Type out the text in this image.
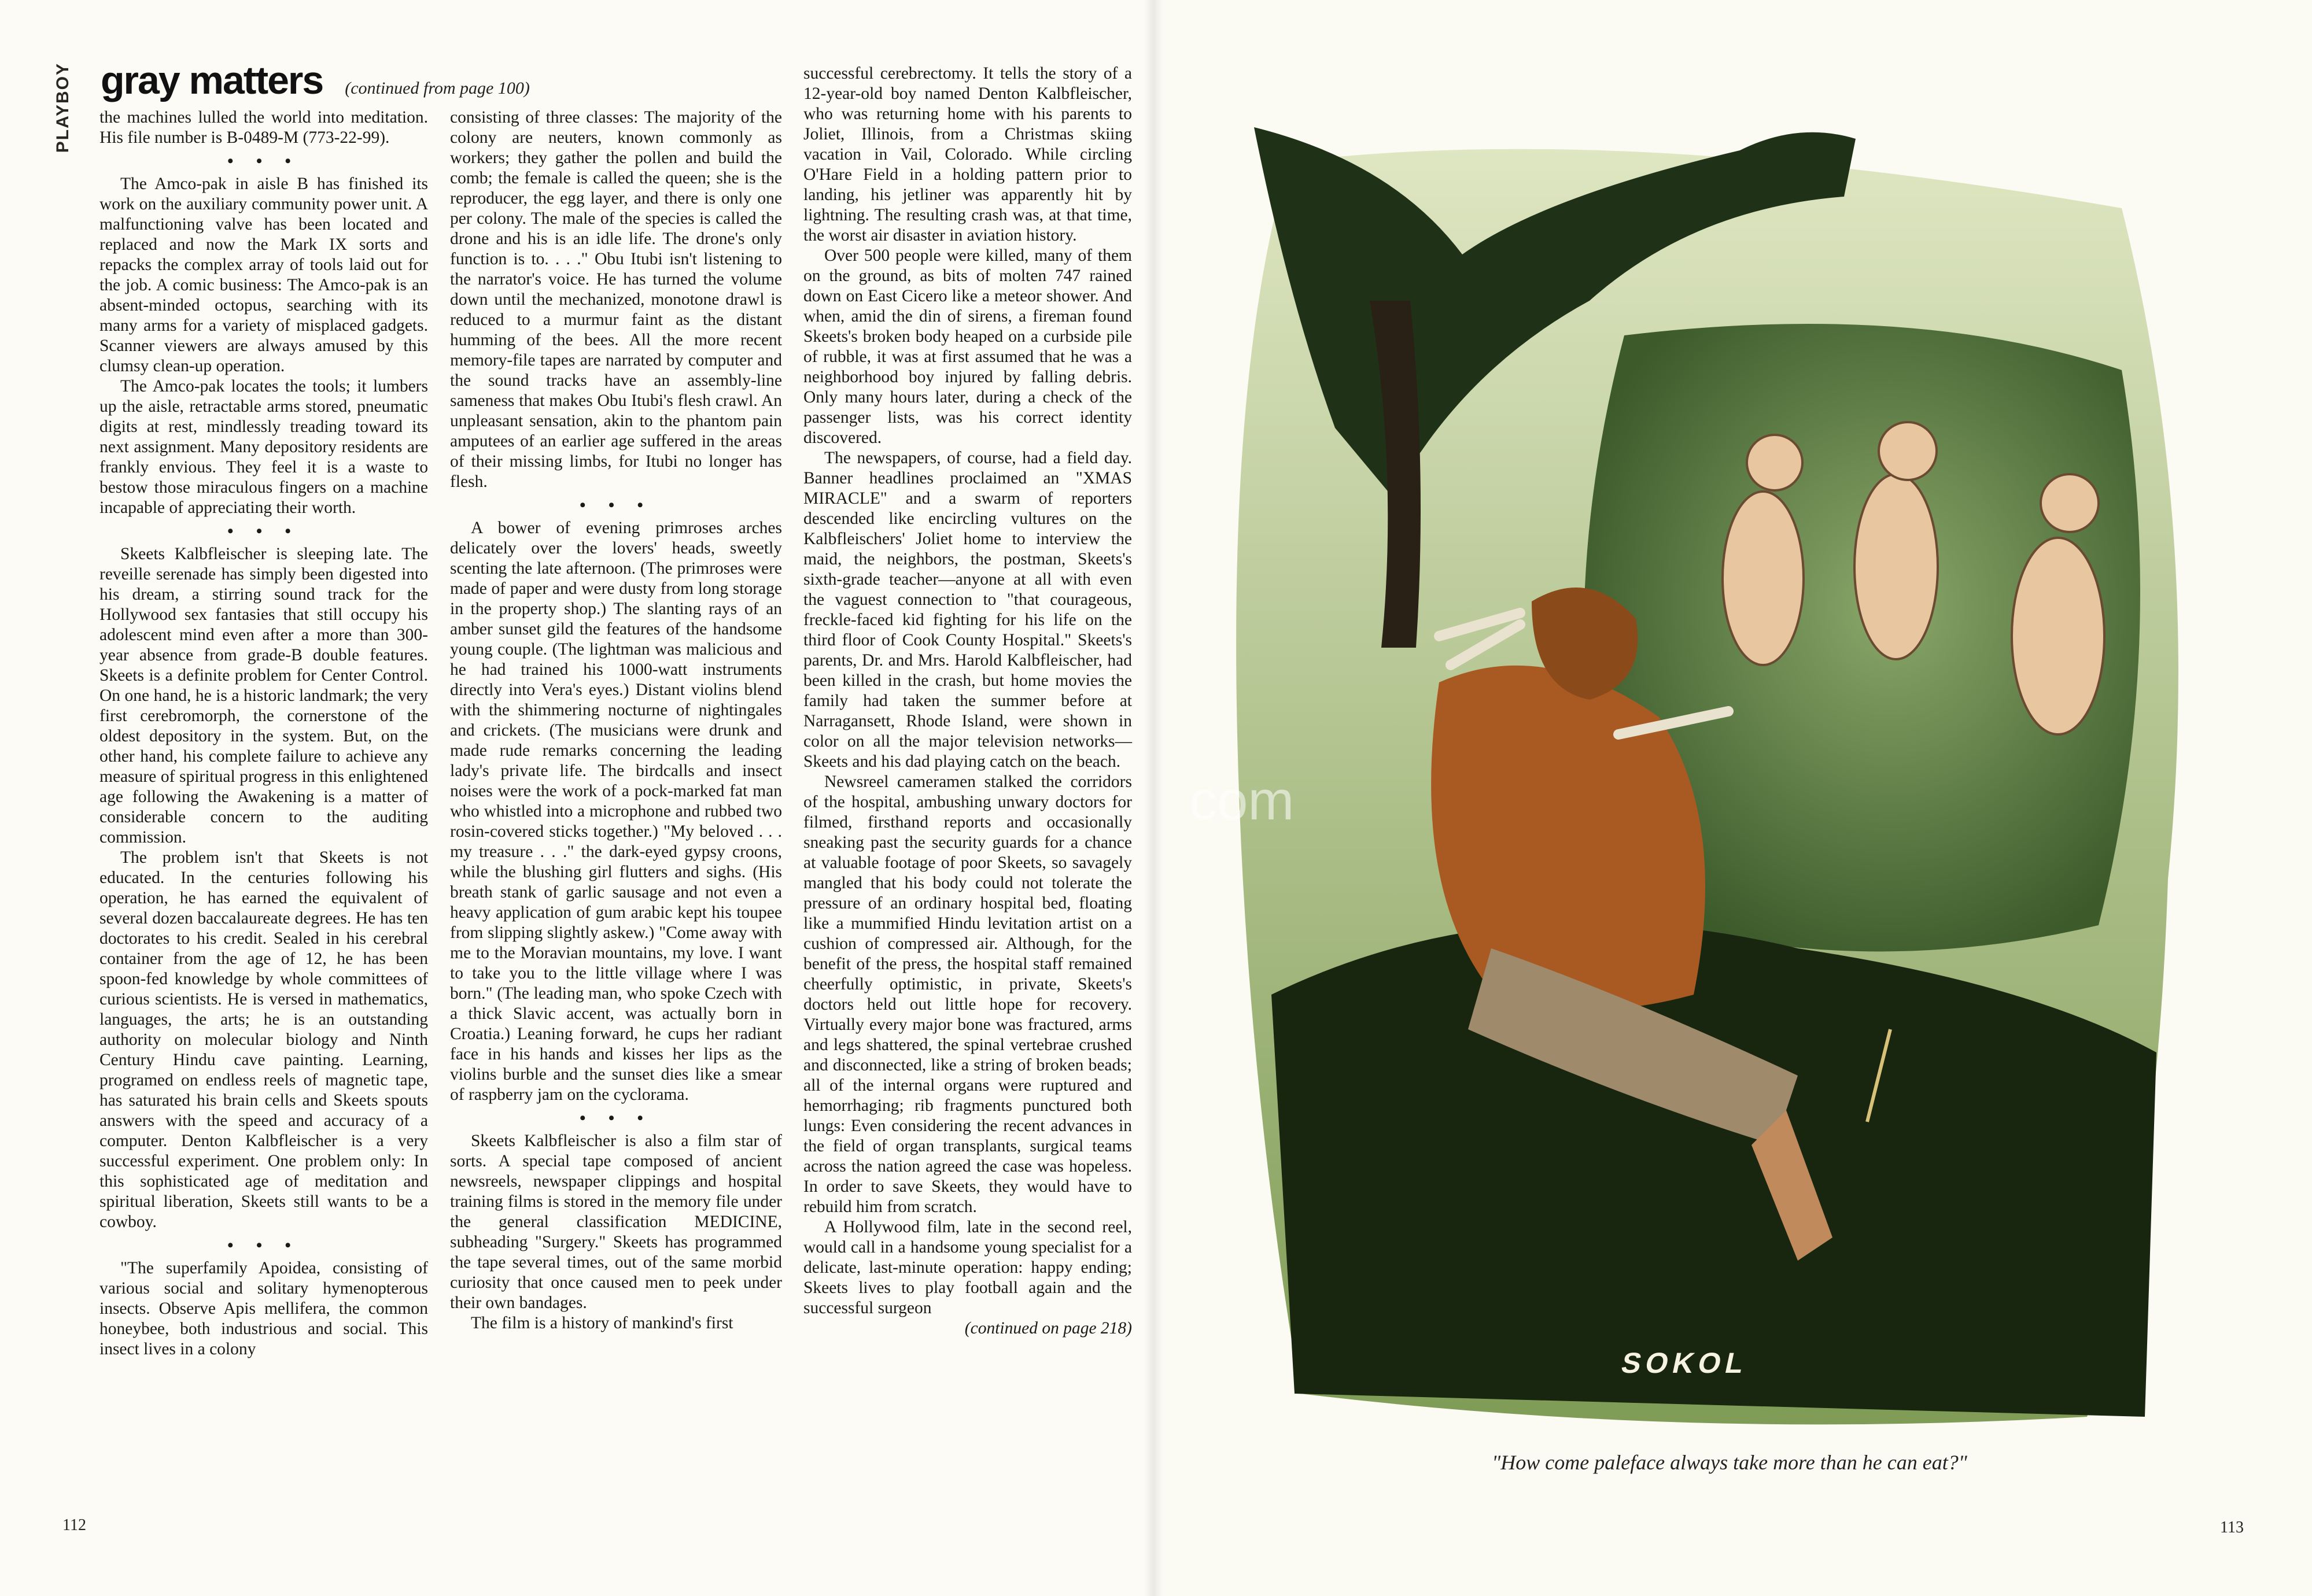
PLAYBOY gray matters (continued from page 100)

the machines lulled the world into meditation. His file number is B-0489-M (773-22-99).

• • •

The Amco-pak in aisle B has finished its work on the auxiliary community power unit. A malfunctioning valve has been located and replaced and now the Mark IX sorts and repacks the complex array of tools laid out for the job. A comic business: The Amco-pak is an absent-minded octopus, searching with its many arms for a variety of misplaced gadgets. Scanner viewers are always amused by this clumsy clean-up operation.

The Amco-pak locates the tools; it lumbers up the aisle, retractable arms stored, pneumatic digits at rest, mindlessly treading toward its next assignment. Many depository residents are frankly envious. They feel it is a waste to bestow those miraculous fingers on a machine incapable of appreciating their worth.

• • •

Skeets Kalbfleischer is sleeping late. The reveille serenade has simply been digested into his dream, a stirring sound track for the Hollywood sex fantasies that still occupy his adolescent mind even after a more than 300-year absence from grade-B double features. Skeets is a definite problem for Center Control. On one hand, he is a historic landmark; the very first cerebromorph, the cornerstone of the oldest depository in the system. But, on the other hand, his complete failure to achieve any measure of spiritual progress in this enlightened age following the Awakening is a matter of considerable concern to the auditing commission.

The problem isn't that Skeets is not educated. In the centuries following his operation, he has earned the equivalent of several dozen baccalaureate degrees. He has ten doctorates to his credit. Sealed in his cerebral container from the age of 12, he has been spoon-fed knowledge by whole committees of curious scientists. He is versed in mathematics, languages, the arts; he is an outstanding authority on molecular biology and Ninth Century Hindu cave painting. Learning, programed on endless reels of magnetic tape, has saturated his brain cells and Skeets spouts answers with the speed and accuracy of a computer. Denton Kalbfleischer is a very successful experiment. One problem only: In this sophisticated age of meditation and spiritual liberation, Skeets still wants to be a cowboy.

• • •

"The superfamily Apoidea, consisting of various social and solitary hymenopterous insects. Observe Apis mellifera, the common honeybee, both industrious and social. This insect lives in a colony

consisting of three classes: The majority of the colony are neuters, known commonly as workers; they gather the pollen and build the comb; the female is called the queen; she is the reproducer, the egg layer, and there is only one per colony. The male of the species is called the drone and his is an idle life. The drone's only function is to. . . ." Obu Itubi isn't listening to the narrator's voice. He has turned the volume down until the mechanized, monotone drawl is reduced to a murmur faint as the distant humming of the bees. All the more recent memory-file tapes are narrated by computer and the sound tracks have an assembly-line sameness that makes Obu Itubi's flesh crawl. An unpleasant sensation, akin to the phantom pain amputees of an earlier age suffered in the areas of their missing limbs, for Itubi no longer has flesh.

• • •

A bower of evening primroses arches delicately over the lovers' heads, sweetly scenting the late afternoon. (The primroses were made of paper and were dusty from long storage in the property shop.) The slanting rays of an amber sunset gild the features of the handsome young couple. (The lightman was malicious and he had trained his 1000-watt instruments directly into Vera's eyes.) Distant violins blend with the shimmering nocturne of nightingales and crickets. (The musicians were drunk and made rude remarks concerning the leading lady's private life. The birdcalls and insect noises were the work of a pock-marked fat man who whistled into a microphone and rubbed two rosin-covered sticks together.) "My beloved . . . my treasure . . ." the dark-eyed gypsy croons, while the blushing girl flutters and sighs. (His breath stank of garlic sausage and not even a heavy application of gum arabic kept his toupee from slipping slightly askew.) "Come away with me to the Moravian mountains, my love. I want to take you to the little village where I was born." (The leading man, who spoke Czech with a thick Slavic accent, was actually born in Croatia.) Leaning forward, he cups her radiant face in his hands and kisses her lips as the violins burble and the sunset dies like a smear of raspberry jam on the cyclorama.

• • •

Skeets Kalbfleischer is also a film star of sorts. A special tape composed of ancient newsreels, newspaper clippings and hospital training films is stored in the memory file under the general classification MEDICINE, subheading "Surgery." Skeets has programmed the tape several times, out of the same morbid curiosity that once caused men to peek under their own bandages.

The film is a history of mankind's first

successful cerebrectomy. It tells the story of a 12-year-old boy named Denton Kalbfleischer, who was returning home with his parents to Joliet, Illinois, from a Christmas skiing vacation in Vail, Colorado. While circling O'Hare Field in a holding pattern prior to landing, his jetliner was apparently hit by lightning. The resulting crash was, at that time, the worst air disaster in aviation history.

Over 500 people were killed, many of them on the ground, as bits of molten 747 rained down on East Cicero like a meteor shower. And when, amid the din of sirens, a fireman found Skeets's broken body heaped on a curbside pile of rubble, it was at first assumed that he was a neighborhood boy injured by falling debris. Only many hours later, during a check of the passenger lists, was his correct identity discovered.

The newspapers, of course, had a field day. Banner headlines proclaimed an "XMAS MIRACLE" and a swarm of reporters descended like encircling vultures on the Kalbfleischers' Joliet home to interview the maid, the neighbors, the postman, Skeets's sixth-grade teacher—anyone at all with even the vaguest connection to "that courageous, freckle-faced kid fighting for his life on the third floor of Cook County Hospital." Skeets's parents, Dr. and Mrs. Harold Kalbfleischer, had been killed in the crash, but home movies the family had taken the summer before at Narragansett, Rhode Island, were shown in color on all the major television networks—Skeets and his dad playing catch on the beach.

Newsreel cameramen stalked the corridors of the hospital, ambushing unwary doctors for filmed, firsthand reports and occasionally sneaking past the security guards for a chance at valuable footage of poor Skeets, so savagely mangled that his body could not tolerate the pressure of an ordinary hospital bed, floating like a mummified Hindu levitation artist on a cushion of compressed air. Although, for the benefit of the press, the hospital staff remained cheerfully optimistic, in private, Skeets's doctors held out little hope for recovery. Virtually every major bone was fractured, arms and legs shattered, the spinal vertebrae crushed and disconnected, like a string of broken beads; all of the internal organs were ruptured and hemorrhaging; rib fragments punctured both lungs: Even considering the recent advances in the field of organ transplants, surgical teams across the nation agreed the case was hopeless. In order to save Skeets, they would have to rebuild him from scratch.

A Hollywood film, late in the second reel, would call in a handsome young specialist for a delicate, last-minute operation: happy ending; Skeets lives to play football again and the successful surgeon

(continued on page 218)
112	113
SOKOL
com
"How come paleface always take more than he can eat?"
